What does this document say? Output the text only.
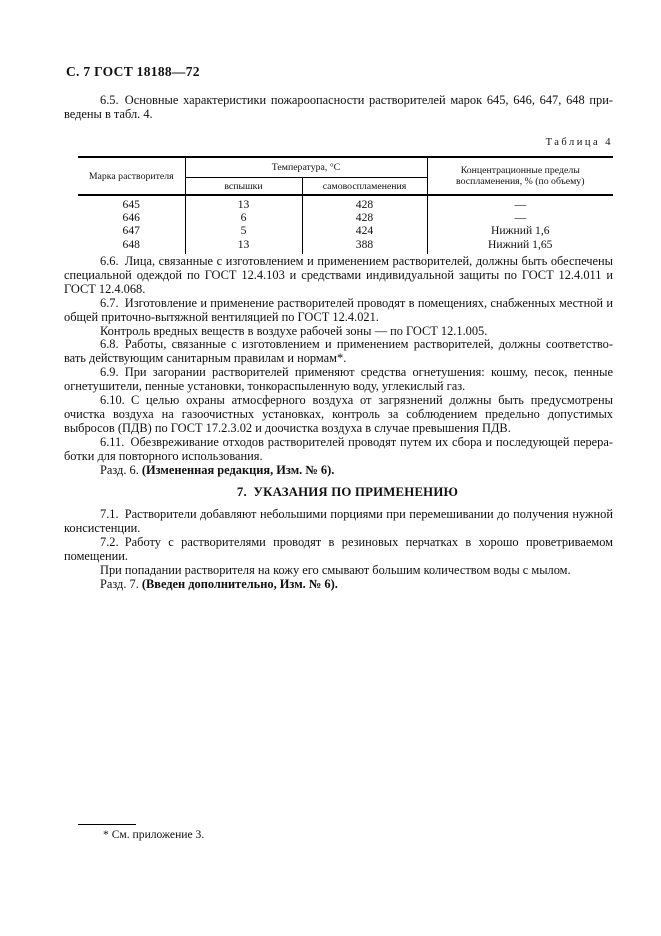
С. 7 ГОСТ 18188—72

6.5. Основные характеристики пожароопасности растворителей марок 645, 646, 647, 648 приведены в табл. 4.

Таблица 4
Марка растворителя	Температура, °С		Концентрационные пределы воспламенения, % (по объему)
	вспышки	самовоспламенения	
645	13	428	—
646	6	428	—
647	5	424	Нижний 1,6
648	13	388	Нижний 1,65

6.6. Лица, связанные с изготовлением и применением растворителей, должны быть обеспечены специальной одеждой по ГОСТ 12.4.103 и средствами индивидуальной защиты по ГОСТ 12.4.011 и ГОСТ 12.4.068.

6.7. Изготовление и применение растворителей проводят в помещениях, снабженных местной и общей приточно-вытяжной вентиляцией по ГОСТ 12.4.021.

Контроль вредных веществ в воздухе рабочей зоны — по ГОСТ 12.1.005.

6.8. Работы, связанные с изготовлением и применением растворителей, должны соответствовать действующим санитарным правилам и нормам*.

6.9. При загорании растворителей применяют средства огнетушения: кошму, песок, пенные огнетушители, пенные установки, тонкораспыленную воду, углекислый газ.

6.10. С целью охраны атмосферного воздуха от загрязнений должны быть предусмотрены очистка воздуха на газоочистных установках, контроль за соблюдением предельно допустимых выбросов (ПДВ) по ГОСТ 17.2.3.02 и доочистка воздуха в случае превышения ПДВ.

6.11. Обезвреживание отходов растворителей проводят путем их сбора и последующей переработки для повторного использования.

Разд. 6. (Измененная редакция, Изм. № 6).

7. УКАЗАНИЯ ПО ПРИМЕНЕНИЮ

7.1. Растворители добавляют небольшими порциями при перемешивании до получения нужной консистенции.

7.2. Работу с растворителями проводят в резиновых перчатках в хорошо проветриваемом помещении.

При попадании растворителя на кожу его смывают большим количеством воды с мылом.

Разд. 7. (Введен дополнительно, Изм. № 6).

* См. приложение 3.
